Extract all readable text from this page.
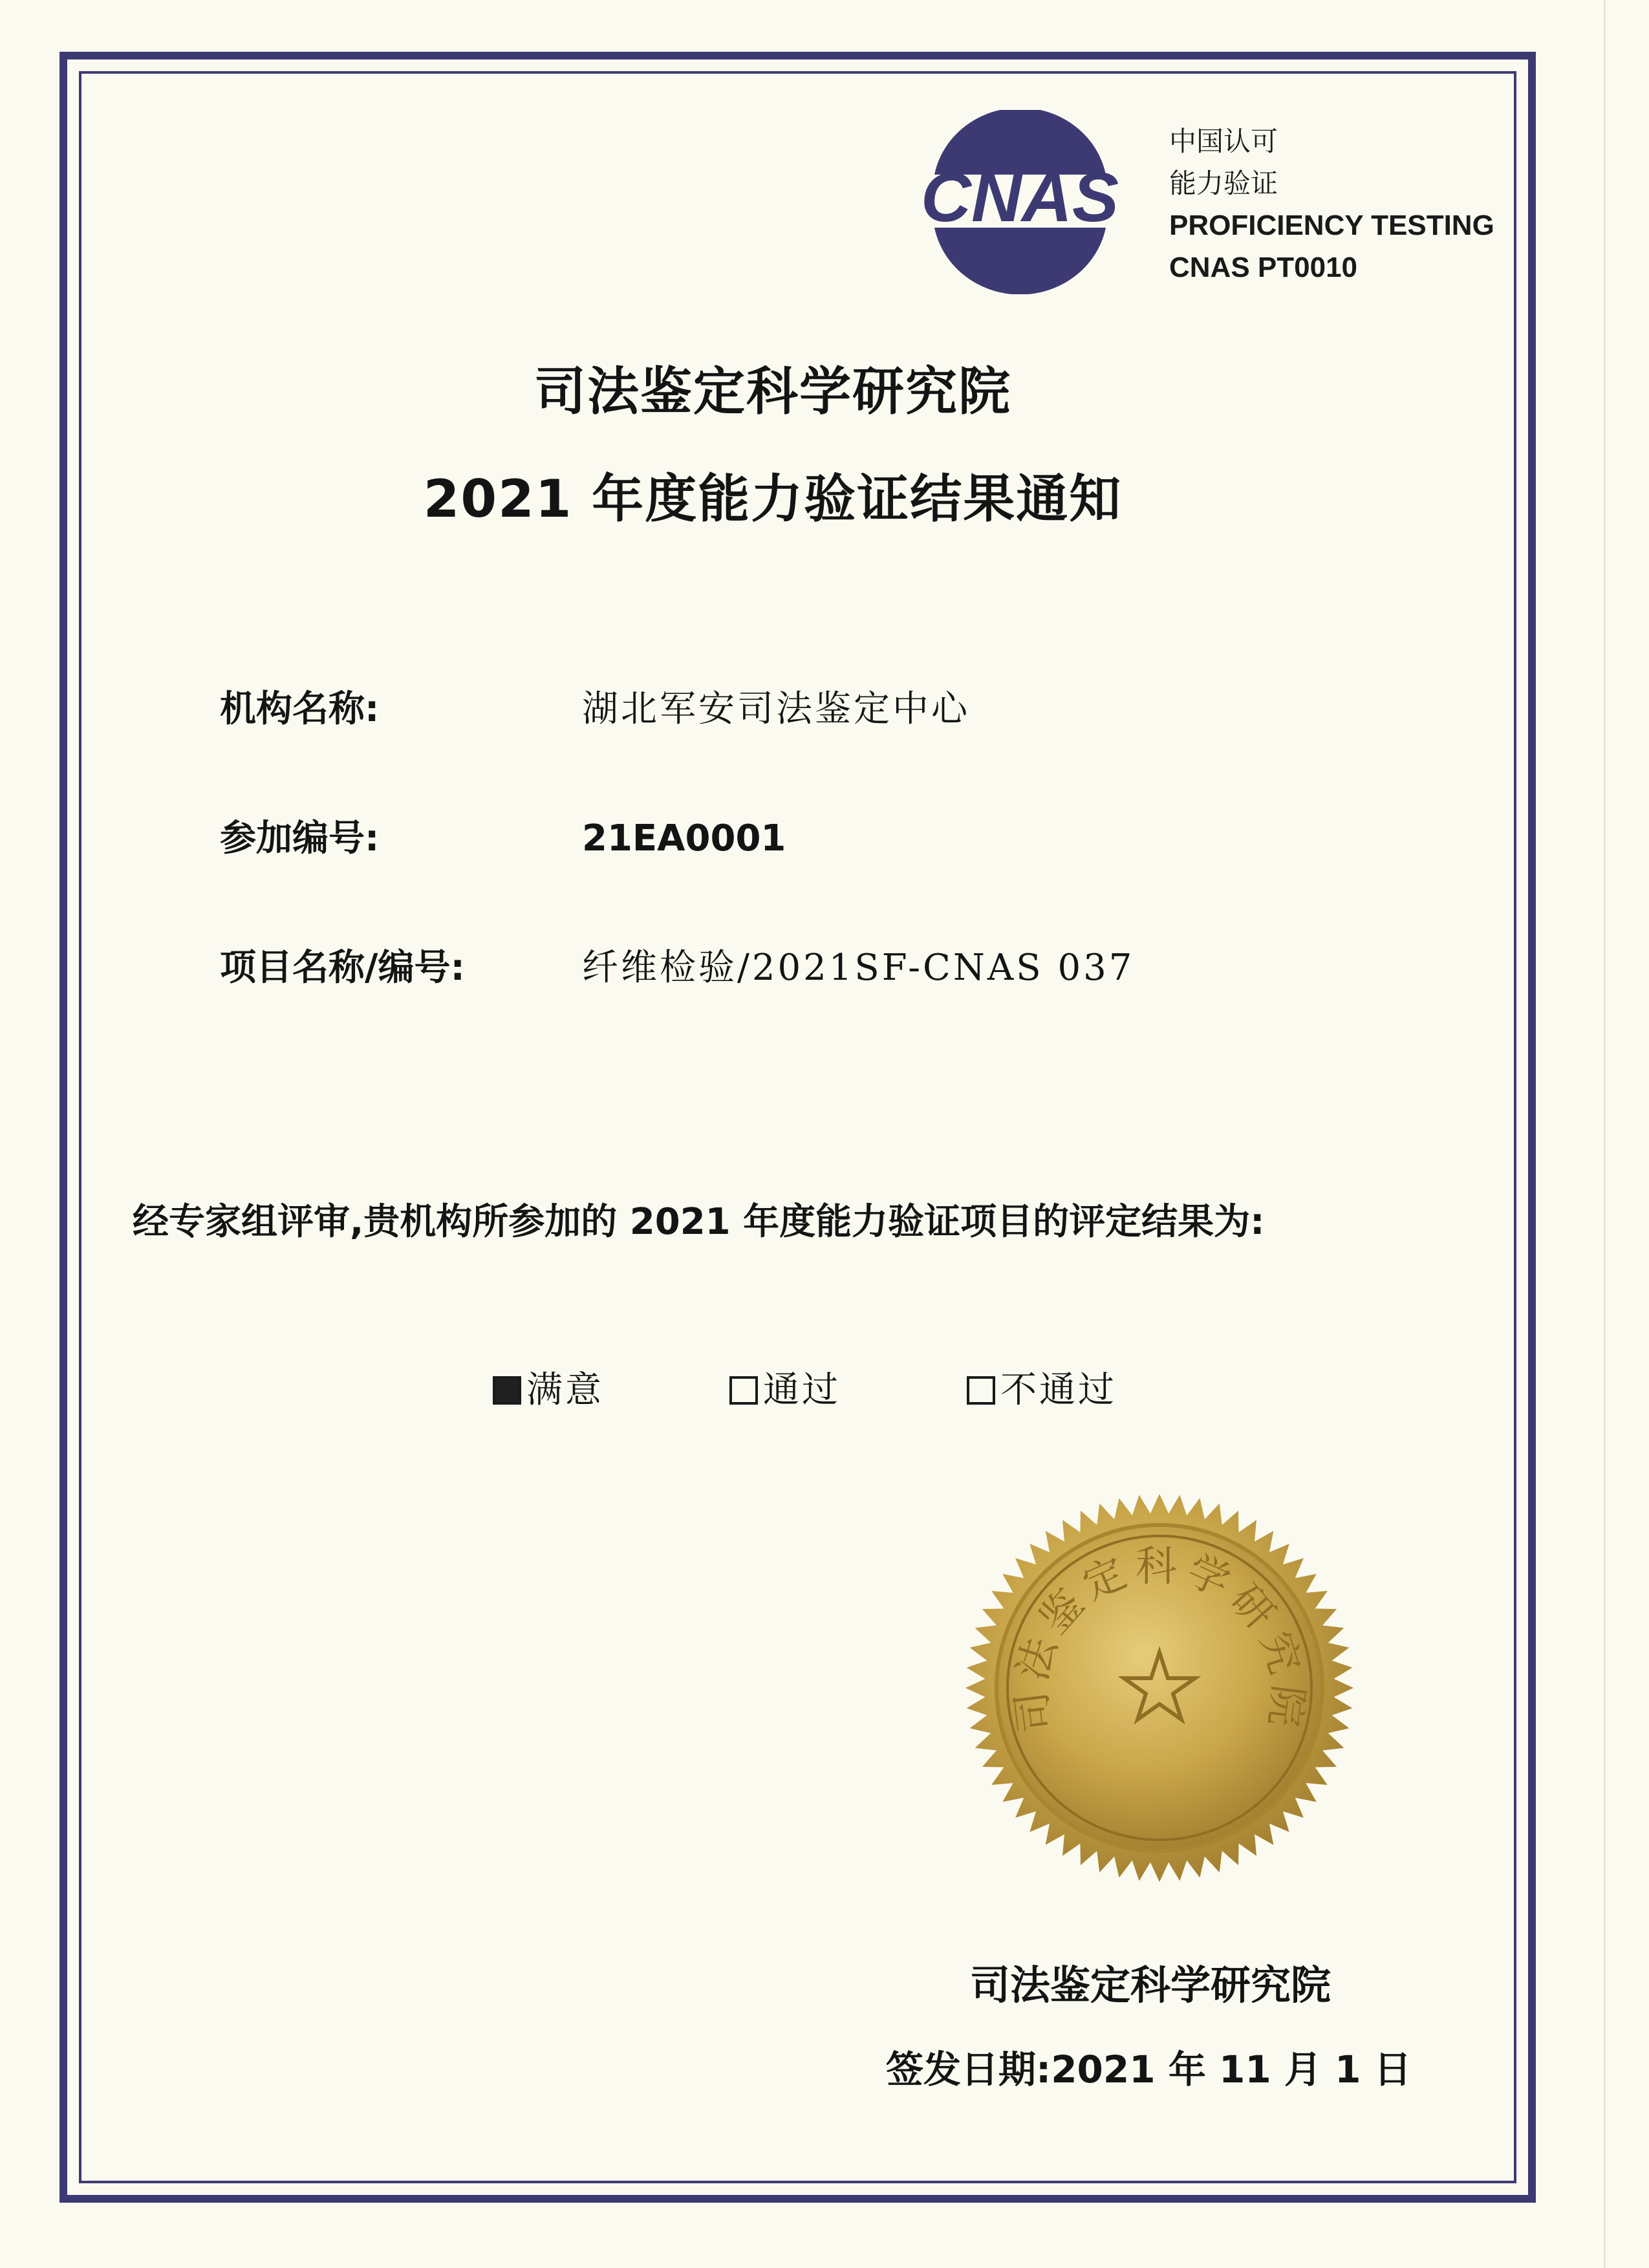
CNAS
中国认可
能力验证
PROFICIENCY TESTING
CNAS PT0010
司法鉴定科学研究院
2021 年度能力验证结果通知
机构名称:	湖北军安司法鉴定中心
参加编号:	21EA0001
项目名称/编号:	纤维检验/2021SF-CNAS 037
经专家组评审,贵机构所参加的 2021 年度能力验证项目的评定结果为:
满意	通过	不通过
司法鉴定科学研究院
司法鉴定科学研究院
签发日期:2021 年 11 月 1 日
